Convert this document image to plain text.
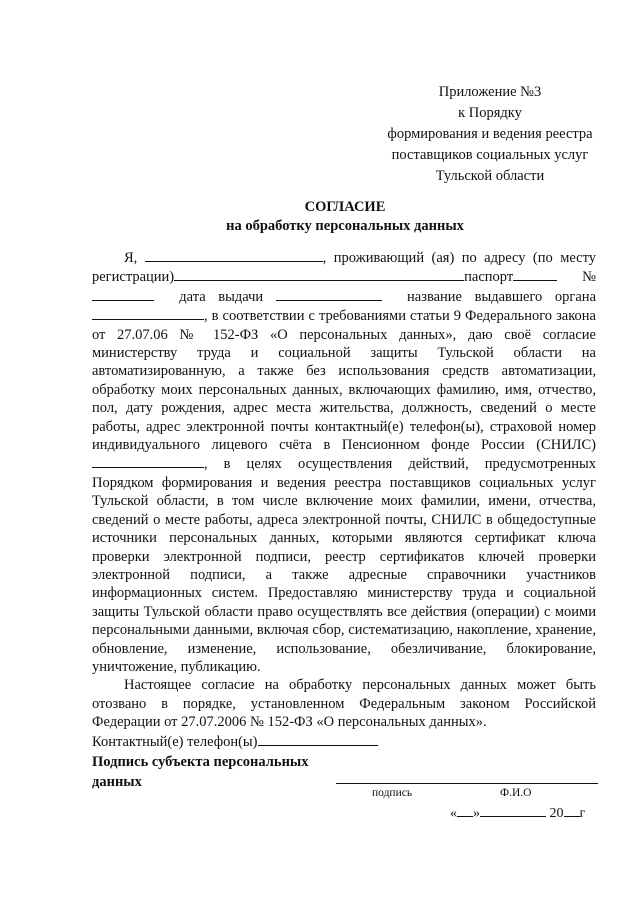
Приложение №3
к Порядку
формирования и ведения реестра
поставщиков социальных услуг
Тульской области
СОГЛАСИЕ
на обработку персональных данных

Я,	, проживающий (ая) по адресу (по месту регистрации)	паспорт	№   дата выдачи	название выдавшего органа , в соответствии с требованиями статьи 9 Федерального закона от 27.07.06 № 152-ФЗ «О персональных данных», даю своё согласие министерству труда и социальной защиты Тульской области на автоматизированную, а также без использования средств автоматизации, обработку моих персональных данных, включающих фамилию, имя, отчество, пол, дату рождения, адрес места жительства, должность, сведений о месте работы, адрес электронной почты контактный(е) телефон(ы), страховой номер индивидуального лицевого счёта в Пенсионном фонде России (СНИЛС) , в целях осуществления действий, предусмотренных Порядком формирования и ведения реестра поставщиков социальных услуг Тульской области, в том числе включение моих фамилии, имени, отчества, сведений о месте работы, адреса электронной почты, СНИЛС в общедоступные источники персональных данных, которыми являются сертификат ключа проверки электронной подписи, реестр сертификатов ключей проверки электронной подписи, а также адресные справочники участников информационных систем. Предоставляю министерству труда и социальной защиты Тульской области право осуществлять все действия (операции) с моими персональными данными, включая сбор, систематизацию, накопление, хранение, обновление, изменение, использование, обезличивание, блокирование, уничтожение, публикацию.

Настоящее согласие на обработку персональных данных может быть отозвано в порядке, установленном Федеральным законом Российской Федерации от 27.07.2006 № 152-ФЗ «О персональных данных».

Контактный(е) телефон(ы)

Подпись субъекта персональных данных
подпись	Ф.И.О
« »	20 г
